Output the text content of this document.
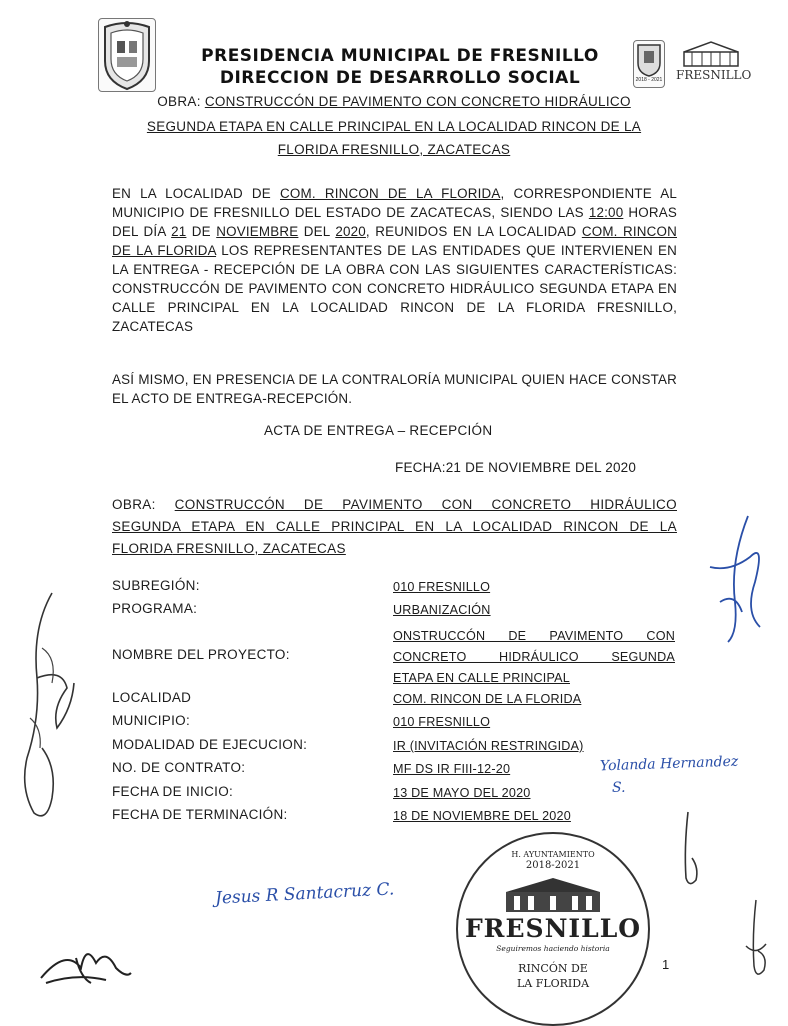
PRESIDENCIA MUNICIPAL DE FRESNILLO
DIRECCION DE DESARROLLO SOCIAL	2018 - 2021	FRESNILLO
OBRA: CONSTRUCCÓN DE PAVIMENTO CON CONCRETO HIDRÁULICO
SEGUNDA ETAPA EN CALLE PRINCIPAL EN LA LOCALIDAD RINCON DE LA
FLORIDA FRESNILLO, ZACATECAS
EN LA LOCALIDAD DE COM. RINCON DE LA FLORIDA, CORRESPONDIENTE AL MUNICIPIO DE FRESNILLO DEL ESTADO DE ZACATECAS, SIENDO LAS 12:00 HORAS DEL DÍA 21 DE NOVIEMBRE DEL 2020, REUNIDOS EN LA LOCALIDAD COM. RINCON DE LA FLORIDA LOS REPRESENTANTES DE LAS ENTIDADES QUE INTERVIENEN EN LA ENTREGA - RECEPCIÓN DE LA OBRA CON LAS SIGUIENTES CARACTERÍSTICAS: CONSTRUCCÓN DE PAVIMENTO CON CONCRETO HIDRÁULICO SEGUNDA ETAPA EN CALLE PRINCIPAL EN LA LOCALIDAD RINCON DE LA FLORIDA FRESNILLO, ZACATECAS
ASÍ MISMO, EN PRESENCIA DE LA CONTRALORÍA MUNICIPAL QUIEN HACE CONSTAR EL ACTO DE ENTREGA-RECEPCIÓN.
ACTA DE ENTREGA – RECEPCIÓN
FECHA:21 DE NOVIEMBRE DEL 2020
OBRA: CONSTRUCCÓN DE PAVIMENTO CON CONCRETO HIDRÁULICO
SEGUNDA ETAPA EN CALLE PRINCIPAL EN LA LOCALIDAD RINCON DE LA
FLORIDA FRESNILLO, ZACATECAS
SUBREGIÓN:	010 FRESNILLO
PROGRAMA:	URBANIZACIÓN
NOMBRE DEL PROYECTO:
ONSTRUCCÓN DE PAVIMENTO CON
CONCRETO HIDRÁULICO SEGUNDA
ETAPA EN CALLE PRINCIPAL
LOCALIDAD	COM. RINCON DE LA FLORIDA
MUNICIPIO:	010 FRESNILLO
MODALIDAD DE EJECUCION:	IR (INVITACIÓN RESTRINGIDA)
NO. DE CONTRATO:	MF DS IR FIII-12-20
FECHA DE INICIO:	13 DE MAYO DEL 2020
FECHA DE TERMINACIÓN:	18 DE NOVIEMBRE DEL 2020
Jesus R Santacruz C.
Yolanda Hernandez
S.
H. AYUNTAMIENTO
2018-2021
FRESNILLO
Seguiremos haciendo historia
RINCÓN DE
LA FLORIDA
1
